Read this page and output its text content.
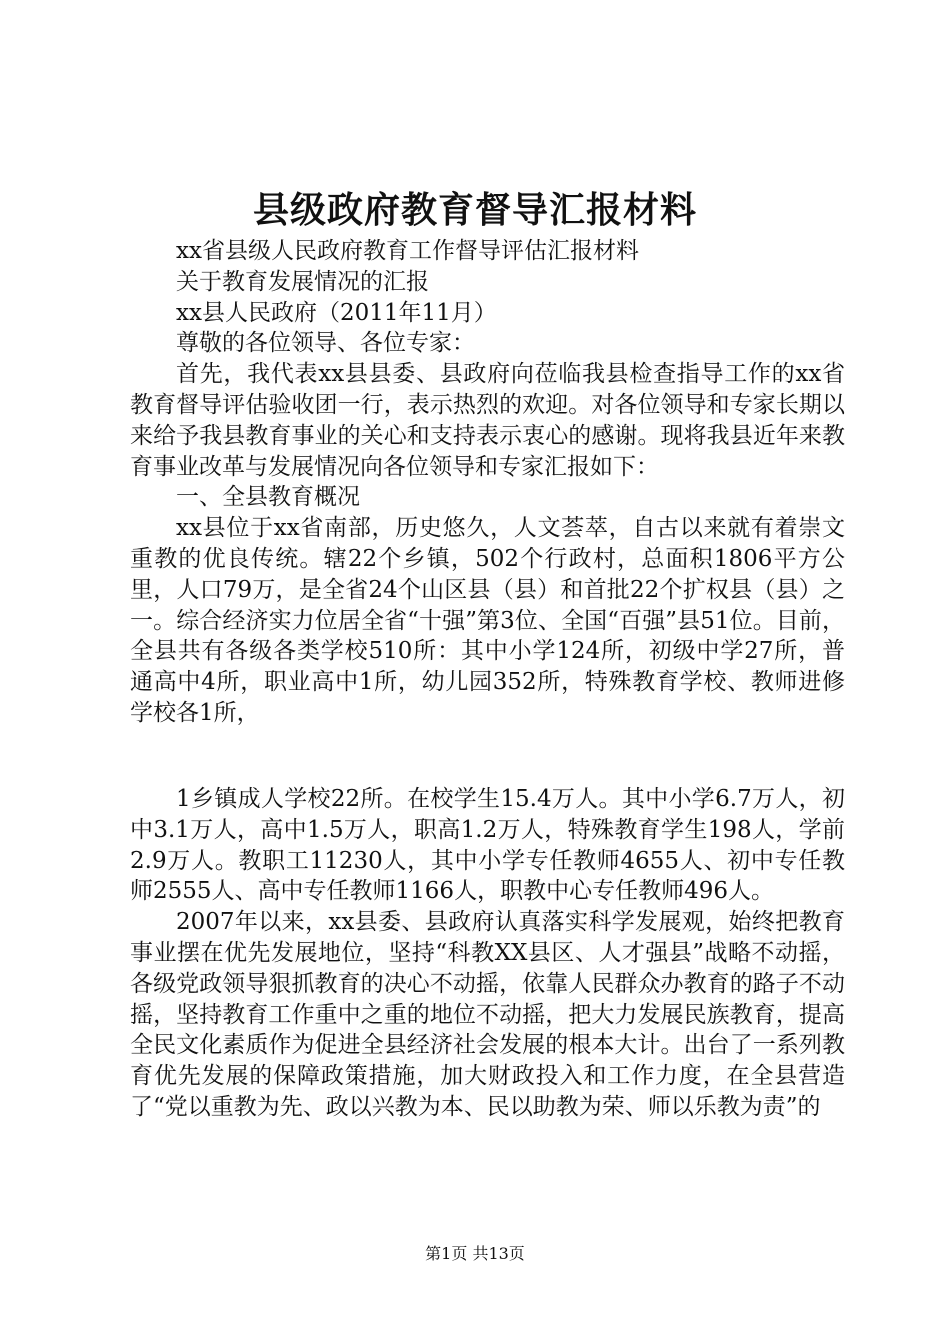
县级政府教育督导汇报材料

xx省县级人民政府教育工作督导评估汇报材料

关于教育发展情况的汇报

xx县人民政府（2011年11月）

尊敬的各位领导、各位专家：

首先，我代表xx县县委、县政府向莅临我县检查指导工作的xx省教育督导评估验收团一行，表示热烈的欢迎。对各位领导和专家长期以来给予我县教育事业的关心和支持表示衷心的感谢。现将我县近年来教育事业改革与发展情况向各位领导和专家汇报如下：

一、全县教育概况

xx县位于xx省南部，历史悠久，人文荟萃，自古以来就有着崇文重教的优良传统。辖22个乡镇，502个行政村，总面积1806平方公里，人口79万，是全省24个山区县（县）和首批22个扩权县（县）之一。综合经济实力位居全省“十强”第3位、全国“百强”县51位。目前，全县共有各级各类学校510所：其中小学124所，初级中学27所，普通高中4所，职业高中1所，幼儿园352所，特殊教育学校、教师进修学校各1所，

1乡镇成人学校22所。在校学生15.4万人。其中小学6.7万人，初中3.1万人，高中1.5万人，职高1.2万人，特殊教育学生198人，学前2.9万人。教职工11230人，其中小学专任教师4655人、初中专任教师2555人、高中专任教师1166人，职教中心专任教师496人。

2007年以来，xx县委、县政府认真落实科学发展观，始终把教育事业摆在优先发展地位，坚持“科教XX县区、人才强县”战略不动摇，各级党政领导狠抓教育的决心不动摇，依靠人民群众办教育的路子不动摇，坚持教育工作重中之重的地位不动摇，把大力发展民族教育，提高全民文化素质作为促进全县经济社会发展的根本大计。出台了一系列教育优先发展的保障政策措施，加大财政投入和工作力度，在全县营造了“党以重教为先、政以兴教为本、民以助教为荣、师以乐教为责”的

第1页 共13页
